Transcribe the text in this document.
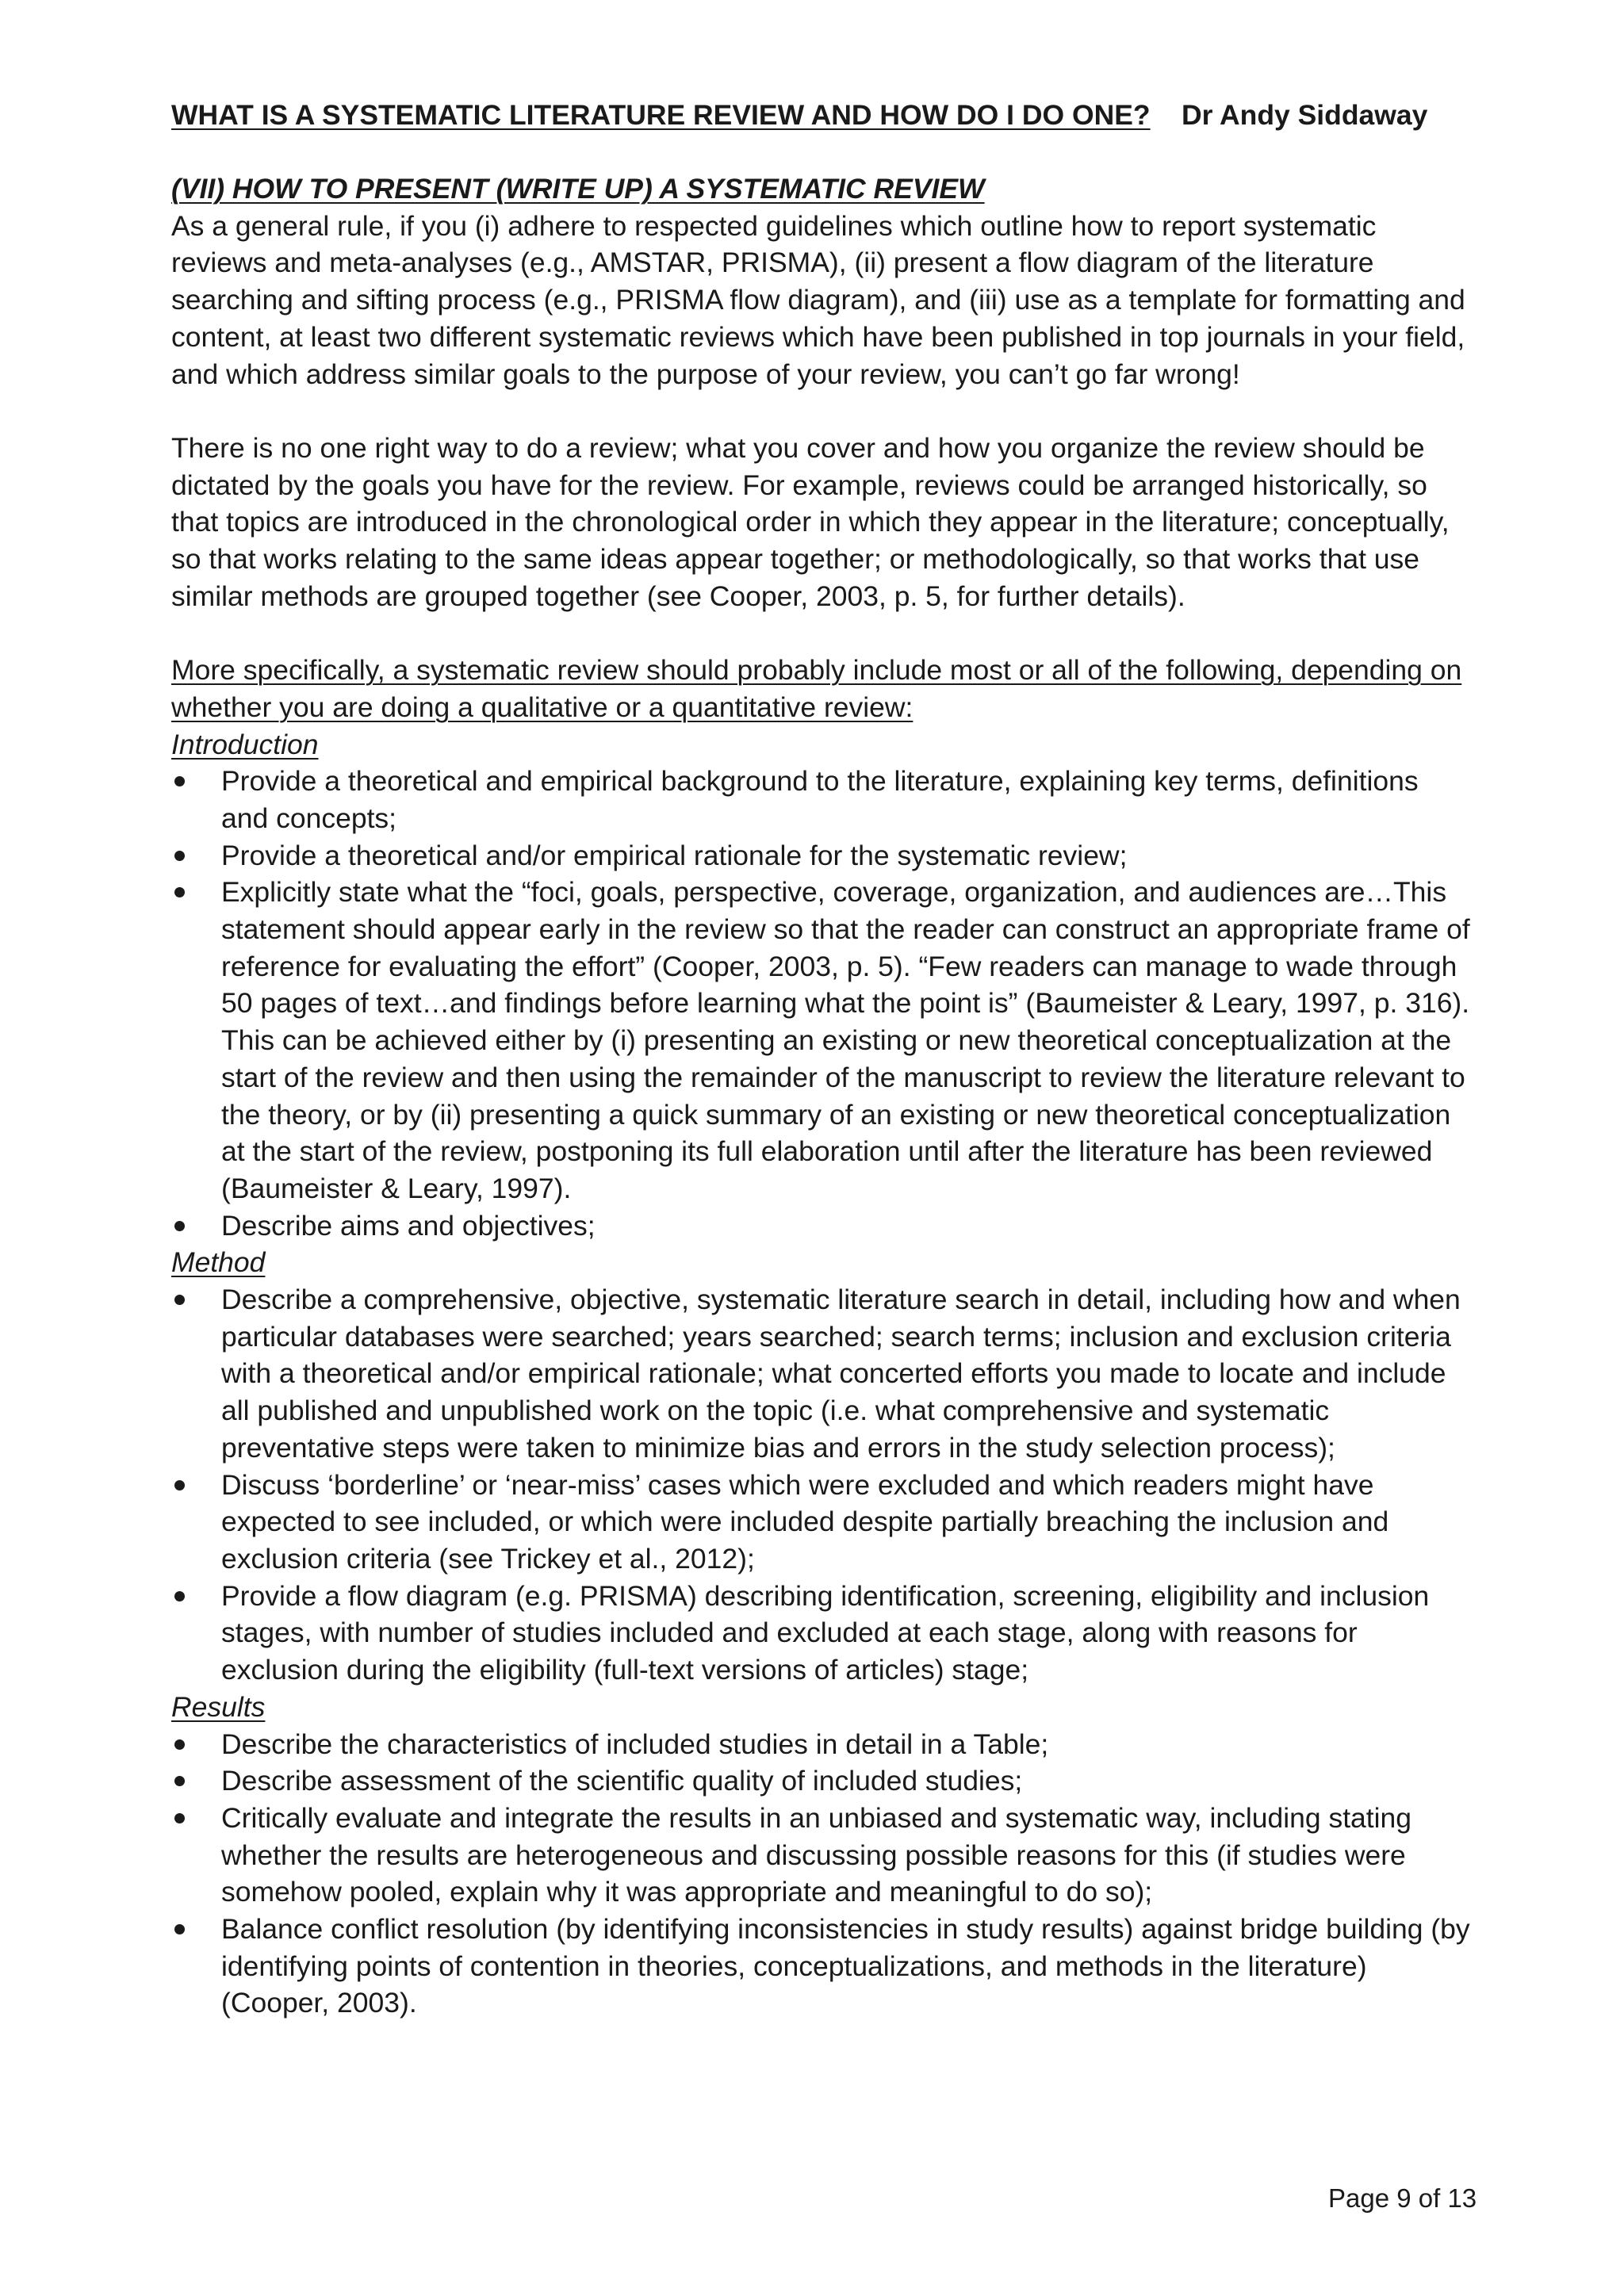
WHAT IS A SYSTEMATIC LITERATURE REVIEW AND HOW DO I DO ONE? Dr Andy Siddaway
(VII) HOW TO PRESENT (WRITE UP) A SYSTEMATIC REVIEW

As a general rule, if you (i) adhere to respected guidelines which outline how to report systematic reviews and meta-analyses (e.g., AMSTAR, PRISMA), (ii) present a flow diagram of the literature searching and sifting process (e.g., PRISMA flow diagram), and (iii) use as a template for formatting and content, at least two different systematic reviews which have been published in top journals in your field, and which address similar goals to the purpose of your review, you can’t go far wrong!

There is no one right way to do a review; what you cover and how you organize the review should be dictated by the goals you have for the review. For example, reviews could be arranged historically, so that topics are introduced in the chronological order in which they appear in the literature; conceptually, so that works relating to the same ideas appear together; or methodologically, so that works that use similar methods are grouped together (see Cooper, 2003, p. 5, for further details).

More specifically, a systematic review should probably include most or all of the following, depending on whether you are doing a qualitative or a quantitative review:

Introduction
Provide a theoretical and empirical background to the literature, explaining key terms, definitions and concepts;
Provide a theoretical and/or empirical rationale for the systematic review;
Explicitly state what the “foci, goals, perspective, coverage, organization, and audiences are…This statement should appear early in the review so that the reader can construct an appropriate frame of reference for evaluating the effort” (Cooper, 2003, p. 5). “Few readers can manage to wade through 50 pages of text…and findings before learning what the point is” (Baumeister & Leary, 1997, p. 316). This can be achieved either by (i) presenting an existing or new theoretical conceptualization at the start of the review and then using the remainder of the manuscript to review the literature relevant to the theory, or by (ii) presenting a quick summary of an existing or new theoretical conceptualization at the start of the review, postponing its full elaboration until after the literature has been reviewed (Baumeister & Leary, 1997).
Describe aims and objectives;
Method
Describe a comprehensive, objective, systematic literature search in detail, including how and when particular databases were searched; years searched; search terms; inclusion and exclusion criteria with a theoretical and/or empirical rationale; what concerted efforts you made to locate and include all published and unpublished work on the topic (i.e. what comprehensive and systematic preventative steps were taken to minimize bias and errors in the study selection process);
Discuss ‘borderline’ or ‘near-miss’ cases which were excluded and which readers might have expected to see included, or which were included despite partially breaching the inclusion and exclusion criteria (see Trickey et al., 2012);
Provide a flow diagram (e.g. PRISMA) describing identification, screening, eligibility and inclusion stages, with number of studies included and excluded at each stage, along with reasons for exclusion during the eligibility (full-text versions of articles) stage;
Results
Describe the characteristics of included studies in detail in a Table;
Describe assessment of the scientific quality of included studies;
Critically evaluate and integrate the results in an unbiased and systematic way, including stating whether the results are heterogeneous and discussing possible reasons for this (if studies were somehow pooled, explain why it was appropriate and meaningful to do so);
Balance conflict resolution (by identifying inconsistencies in study results) against bridge building (by identifying points of contention in theories, conceptualizations, and methods in the literature) (Cooper, 2003).
Page 9 of 13
